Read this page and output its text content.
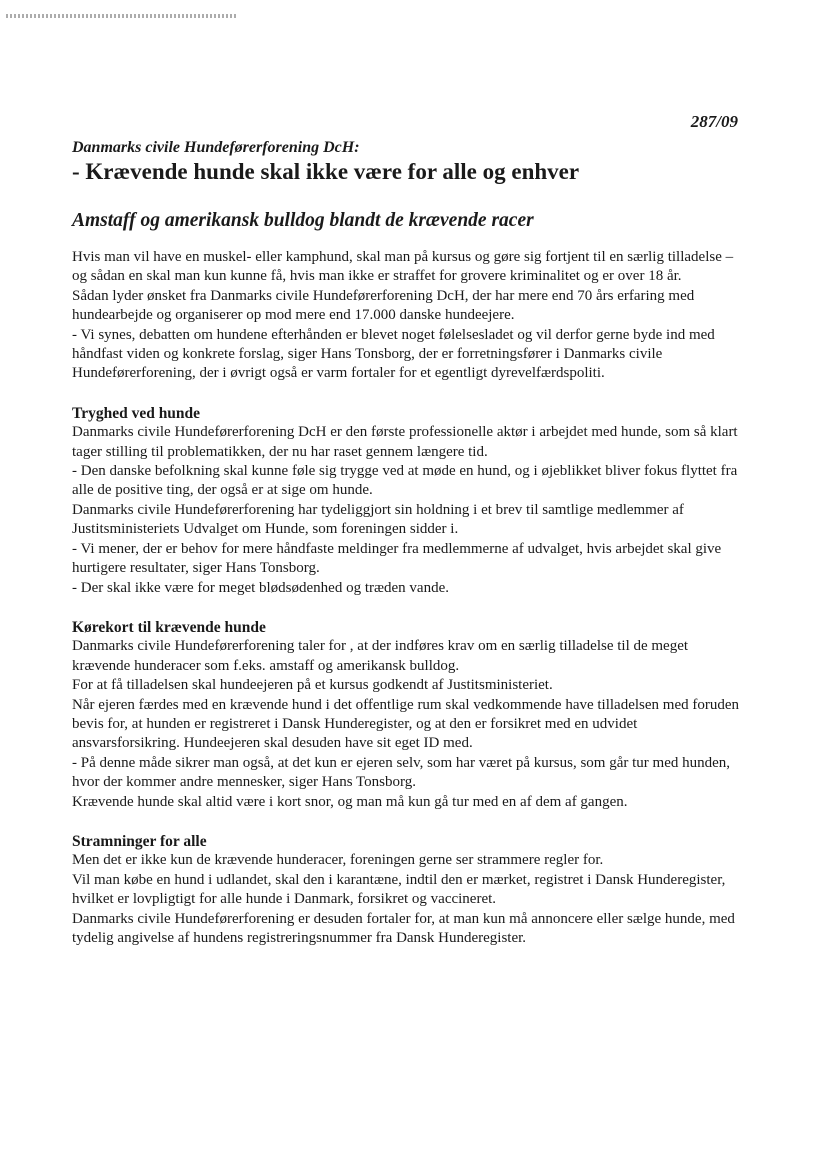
287/09

Danmarks civile Hundeførerforening DcH:

- Krævende hunde skal ikke være for alle og enhver
Amstaff og amerikansk bulldog blandt de krævende racer

Hvis man vil have en muskel- eller kamphund, skal man på kursus og gøre sig fortjent til en særlig tilladelse – og sådan en skal man kun kunne få, hvis man ikke er straffet for grovere kriminalitet og er over 18 år.

Sådan lyder ønsket fra Danmarks civile Hundeførerforening DcH, der har mere end 70 års erfaring med hundearbejde og organiserer op mod mere end 17.000 danske hundeejere.

- Vi synes, debatten om hundene efterhånden er blevet noget følelsesladet og vil derfor gerne byde ind med håndfast viden og konkrete forslag, siger Hans Tonsborg, der er forretningsfører i Danmarks civile Hundeførerforening, der i øvrigt også er varm fortaler for et egentligt dyrevelfærdspoliti.

Tryghed ved hunde

Danmarks civile Hundeførerforening DcH er den første professionelle aktør i arbejdet med hunde, som så klart tager stilling til problematikken, der nu har raset gennem længere tid.

- Den danske befolkning skal kunne føle sig trygge ved at møde en hund, og i øjeblikket bliver fokus flyttet fra alle de positive ting, der også er at sige om hunde.

Danmarks civile Hundeførerforening har tydeliggjort sin holdning i et brev til samtlige medlemmer af Justitsministeriets Udvalget om Hunde, som foreningen sidder i.

- Vi mener, der er behov for mere håndfaste meldinger fra medlemmerne af udvalget, hvis arbejdet skal give hurtigere resultater, siger Hans Tonsborg.

- Der skal ikke være for meget blødsødenhed og træden vande.

Kørekort til krævende hunde

Danmarks civile Hundeførerforening taler for , at der indføres krav om en særlig tilladelse til de meget krævende hunderacer som f.eks. amstaff og amerikansk bulldog.

For at få tilladelsen skal hundeejeren på et kursus godkendt af Justitsministeriet.

Når ejeren færdes med en krævende hund i det offentlige rum skal vedkommende have tilladelsen med foruden bevis for, at hunden er registreret i Dansk Hunderegister, og at den er forsikret med en udvidet ansvarsforsikring. Hundeejeren skal desuden have sit eget ID med.

- På denne måde sikrer man også, at det kun er ejeren selv, som har været på kursus, som går tur med hunden, hvor der kommer andre mennesker, siger Hans Tonsborg.

Krævende hunde skal altid være i kort snor, og man må kun gå tur med en af dem af gangen.

Stramninger for alle

Men det er ikke kun de krævende hunderacer, foreningen gerne ser strammere regler for.

Vil man købe en hund i udlandet, skal den i karantæne, indtil den er mærket, registret i Dansk Hunderegister, hvilket er lovpligtigt for alle hunde i Danmark, forsikret og vaccineret.

Danmarks civile Hundeførerforening er desuden fortaler for, at man kun må annoncere eller sælge hunde, med tydelig angivelse af hundens registreringsnummer fra Dansk Hunderegister.
